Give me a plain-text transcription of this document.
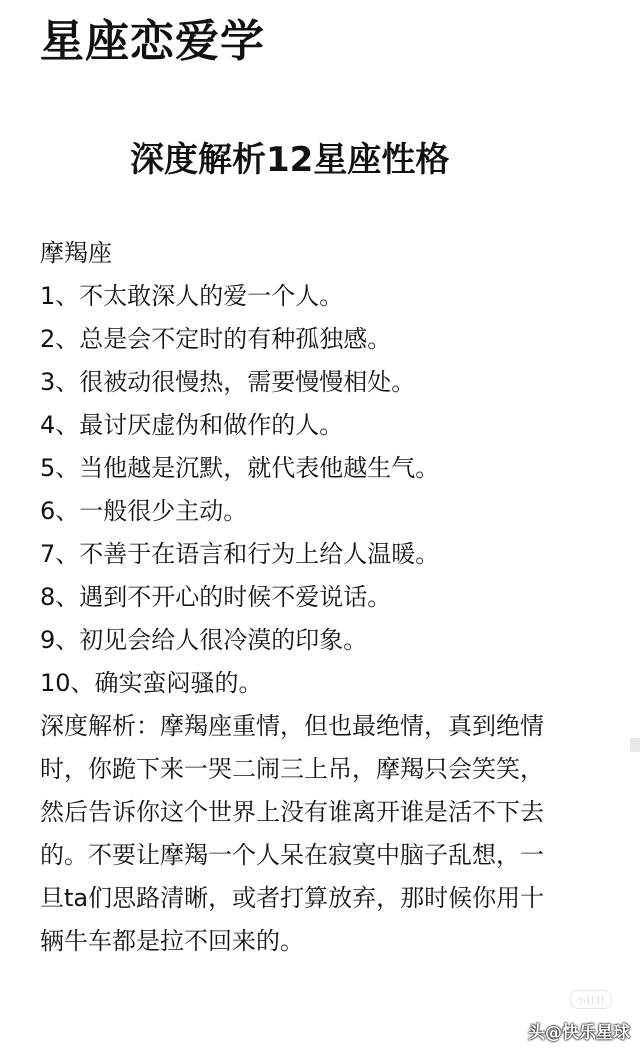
星座恋爱学
深度解析12星座性格
摩羯座
1、不太敢深人的爱一个人。
2、总是会不定时的有种孤独感。
3、很被动很慢热，需要慢慢相处。
4、最讨厌虚伪和做作的人。
5、当他越是沉默，就代表他越生气。
6、一般很少主动。
7、不善于在语言和行为上给人温暖。
8、遇到不开心的时候不爱说话。
9、初见会给人很冷漠的印象。
10、确实蛮闷骚的。
深度解析：摩羯座重情，但也最绝情，真到绝情
时，你跪下来一哭二闹三上吊，摩羯只会笑笑，
然后告诉你这个世界上没有谁离开谁是活不下去
的。不要让摩羯一个人呆在寂寞中脑子乱想，一
旦ta们思路清晰，或者打算放弃，那时候你用十
辆牛车都是拉不回来的。
小壮壮
头@快乐星球
